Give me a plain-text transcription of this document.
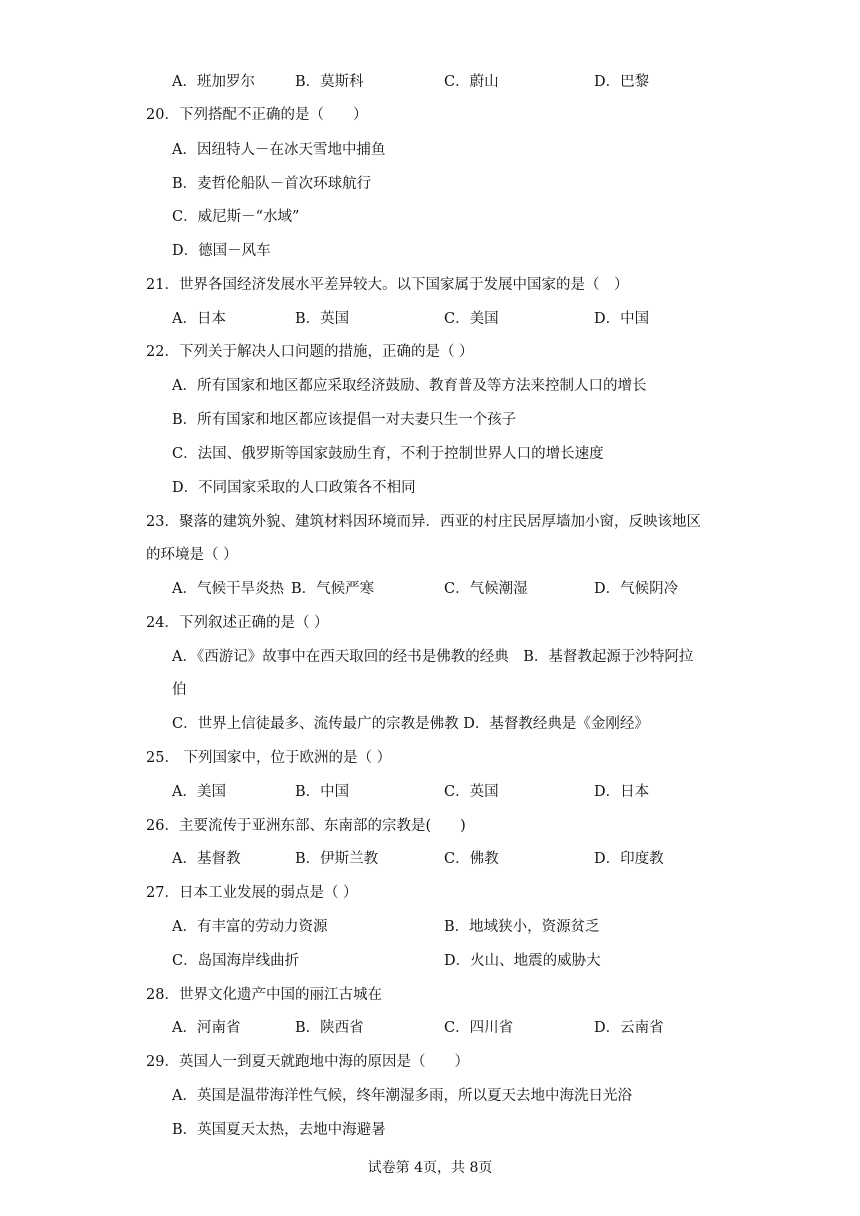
A．班加罗尔	B．莫斯科	C．蔚山	D．巴黎
20．下列搭配不正确的是（　　）
A．因纽特人－在冰天雪地中捕鱼
B．麦哲伦船队－首次环球航行
C．威尼斯－“水域”
D．德国－风车
21．世界各国经济发展水平差异较大。以下国家属于发展中国家的是（　）
A．日本	B．英国	C．美国	D．中国
22．下列关于解决人口问题的措施，正确的是（ ）
A．所有国家和地区都应采取经济鼓励、教育普及等方法来控制人口的增长
B．所有国家和地区都应该提倡一对夫妻只生一个孩子
C．法国、俄罗斯等国家鼓励生育，不利于控制世界人口的增长速度
D．不同国家采取的人口政策各不相同
23．聚落的建筑外貌、建筑材料因环境而异．西亚的村庄民居厚墙加小窗，反映该地区
的环境是（ ）
A．气候干旱炎热 B．气候严寒	C．气候潮湿	D．气候阴冷
24．下列叙述正确的是（ ）
A．《西游记》故事中在西天取回的经书是佛教的经典　B．基督教起源于沙特阿拉
伯
C．世界上信徒最多、流传最广的宗教是佛教 D．基督教经典是《金刚经》
25． 下列国家中，位于欧洲的是（ ）
A．美国	B．中国	C．英国	D．日本
26．主要流传于亚洲东部、东南部的宗教是(　　)
A．基督教	B．伊斯兰教	C．佛教	D．印度教
27．日本工业发展的弱点是（ ）
A．有丰富的劳动力资源	B．地域狭小，资源贫乏
C．岛国海岸线曲折	D．火山、地震的威胁大
28．世界文化遗产中国的丽江古城在
A．河南省	B．陕西省	C．四川省	D．云南省
29．英国人一到夏天就跑地中海的原因是（　　）
A．英国是温带海洋性气候，终年潮湿多雨，所以夏天去地中海洗日光浴
B．英国夏天太热，去地中海避暑
试卷第 4页，共 8页
